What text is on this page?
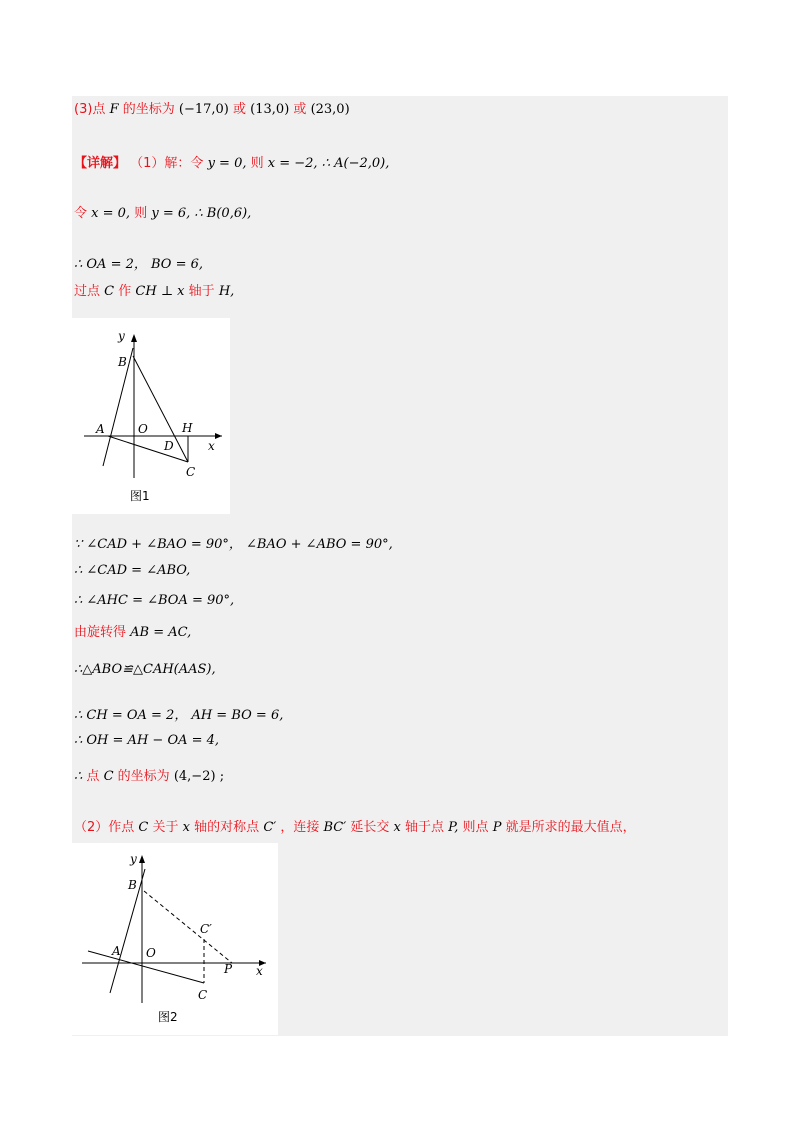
(3)点 F 的坐标为 (−17,0) 或 (13,0) 或 (23,0)
【详解】 （1）解：令 y = 0, 则 x = −2, ∴ A(−2,0),
令 x = 0, 则 y = 6, ∴ B(0,6),
∴ OA = 2， BO = 6,
过点 C 作 CH ⊥ x 轴于 H,
y
B
A	O	H
D	x
C
图1
∵ ∠CAD + ∠BAO = 90°， ∠BAO + ∠ABO = 90°,
∴ ∠CAD = ∠ABO,
∴ ∠AHC = ∠BOA = 90°,
由旋转得 AB = AC,
∴△ABO≌△CAH(AAS),
∴ CH = OA = 2， AH = BO = 6,
∴ OH = AH − OA = 4,
∴ 点 C 的坐标为 (4,−2) ;
（2）作点 C 关于 x 轴的对称点 C′ ，连接 BC′ 延长交 x 轴于点 P, 则点 P 就是所求的最大值点，
y
B
C′
A O
P x
C
图2
